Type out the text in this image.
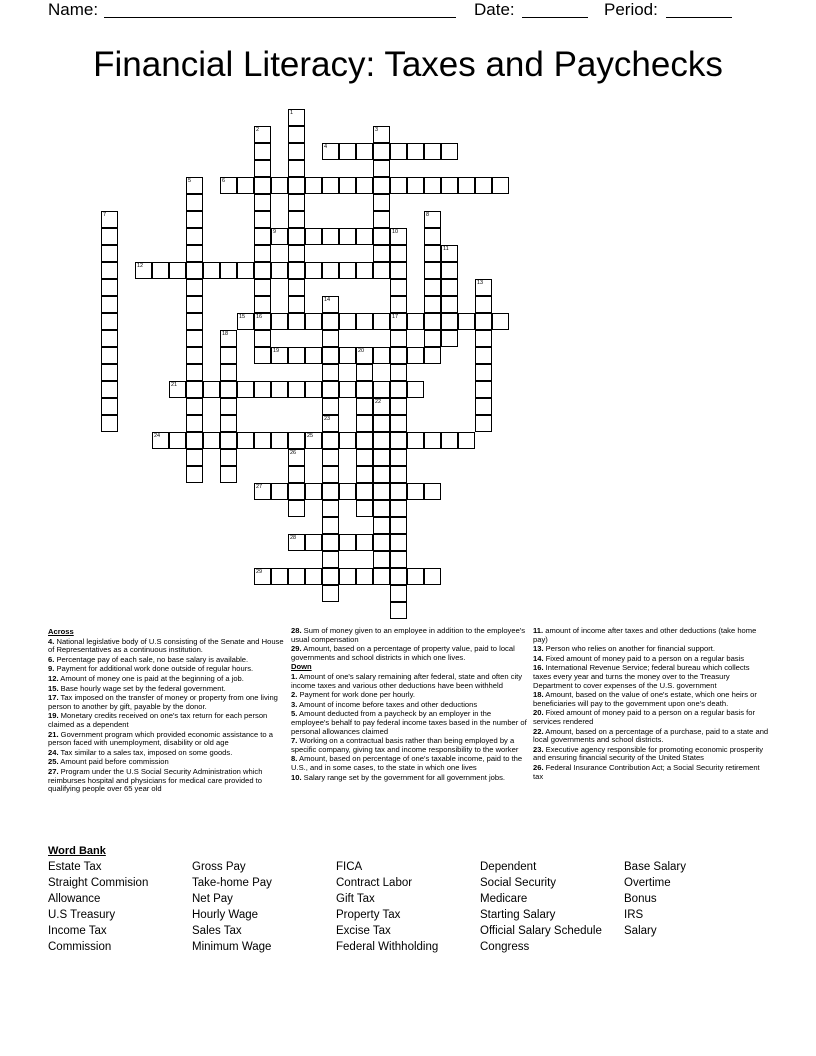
Name:	Date:	Period:
Financial Literacy: Taxes and Paychecks
1
2
16
3
4
5	6
7	8
9	10
17
11
12
13
14
23
15
18
19	20
21
22
24	25
26
27
28
29
Across
4. National legislative body of U.S consisting of the Senate and House of Representatives as a continuous institution.
6. Percentage pay of each sale, no base salary is available.
9. Payment for additional work done outside of regular hours.
12. Amount of money one is paid at the beginning of a job.
15. Base hourly wage set by the federal government.
17. Tax imposed on the transfer of money or property from one living person to another by gift, payable by the donor.
19. Monetary credits received on one's tax return for each person claimed as a dependent
21. Government program which provided economic assistance to a person faced with unemployment, disability or old age
24. Tax similar to a sales tax, imposed on some goods.
25. Amount paid before commission
27. Program under the U.S Social Security Administration which reimburses hospital and physicians for medical care provided to qualifying people over 65 year old
28. Sum of money given to an employee in addition to the employee's usual compensation
29. Amount, based on a percentage of property value, paid to local governments and school districts in which one lives.
Down
1. Amount of one's salary remaining after federal, state and often city income taxes and various other deductions have been withheld
2. Payment for work done per hourly.
3. Amount of income before taxes and other deductions
5. Amount deducted from a paycheck by an employer in the employee's behalf to pay federal income taxes based in the number of personal allowances claimed
7. Working on a contractual basis rather than being employed by a specific company, giving tax and income responsibility to the worker
8. Amount, based on percentage of one's taxable income, paid to the U.S., and in some cases, to the state in which one lives
10. Salary range set by the government for all government jobs.
11. amount of income after taxes and other deductions (take home pay)
13. Person who relies on another for financial support.
14. Fixed amount of money paid to a person on a regular basis
16. International Revenue Service; federal bureau which collects taxes every year and turns the money over to the Treasury Department to cover expenses of the U.S. government
18. Amount, based on the value of one's estate, which one heirs or beneficiaries will pay to the government upon one's death.
20. Fixed amount of money paid to a person on a regular basis for services rendered
22. Amount, based on a percentage of a purchase, paid to a state and local governments and school districts.
23. Executive agency responsible for promoting economic prosperity and ensuring financial security of the United States
26. Federal Insurance Contribution Act; a Social Security retirement tax
Word Bank
Estate Tax
Straight Commision
Allowance
U.S Treasury
Income Tax
Commission
Gross Pay
Take-home Pay
Net Pay
Hourly Wage
Sales Tax
Minimum Wage
FICA
Contract Labor
Gift Tax
Property Tax
Excise Tax
Federal Withholding
Dependent
Social Security
Medicare
Starting Salary
Official Salary Schedule
Congress
Base Salary
Overtime
Bonus
IRS
Salary
